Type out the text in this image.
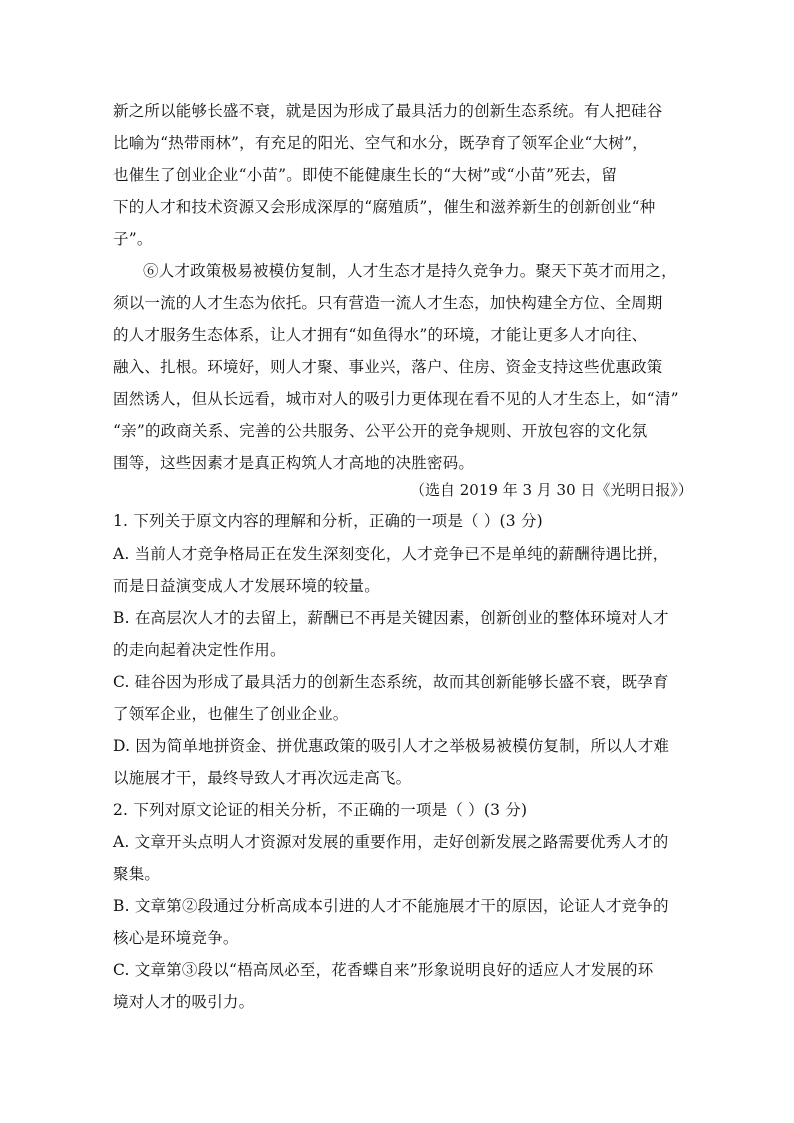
新之所以能够长盛不衰，就是因为形成了最具活力的创新生态系统。有人把硅谷
比喻为“热带雨林”，有充足的阳光、空气和水分，既孕育了领军企业“大树”，
也催生了创业企业“小苗”。即使不能健康生长的“大树”或“小苗”死去，留
下的人才和技术资源又会形成深厚的“腐殖质”，催生和滋养新生的创新创业“种
子”。
⑥人才政策极易被模仿复制，人才生态才是持久竞争力。聚天下英才而用之，
须以一流的人才生态为依托。只有营造一流人才生态，加快构建全方位、全周期
的人才服务生态体系，让人才拥有“如鱼得水”的环境，才能让更多人才向往、
融入、扎根。环境好，则人才聚、事业兴，落户、住房、资金支持这些优惠政策
固然诱人，但从长远看，城市对人的吸引力更体现在看不见的人才生态上，如“清”
“亲”的政商关系、完善的公共服务、公平公开的竞争规则、开放包容的文化氛
围等，这些因素才是真正构筑人才高地的决胜密码。
（选自 2019 年 3 月 30 日《光明日报》）
1. 下列关于原文内容的理解和分析，正确的一项是（ ）(3 分)
A. 当前人才竞争格局正在发生深刻变化，人才竞争已不是单纯的薪酬待遇比拼，
而是日益演变成人才发展环境的较量。
B. 在高层次人才的去留上，薪酬已不再是关键因素，创新创业的整体环境对人才
的走向起着决定性作用。
C. 硅谷因为形成了最具活力的创新生态系统，故而其创新能够长盛不衰，既孕育
了领军企业，也催生了创业企业。
D. 因为简单地拼资金、拼优惠政策的吸引人才之举极易被模仿复制，所以人才难
以施展才干，最终导致人才再次远走高飞。
2. 下列对原文论证的相关分析，不正确的一项是（ ）(3 分)
A. 文章开头点明人才资源对发展的重要作用，走好创新发展之路需要优秀人才的
聚集。
B. 文章第②段通过分析高成本引进的人才不能施展才干的原因，论证人才竞争的
核心是环境竞争。
C. 文章第③段以“梧高凤必至，花香蝶自来”形象说明良好的适应人才发展的环
境对人才的吸引力。
